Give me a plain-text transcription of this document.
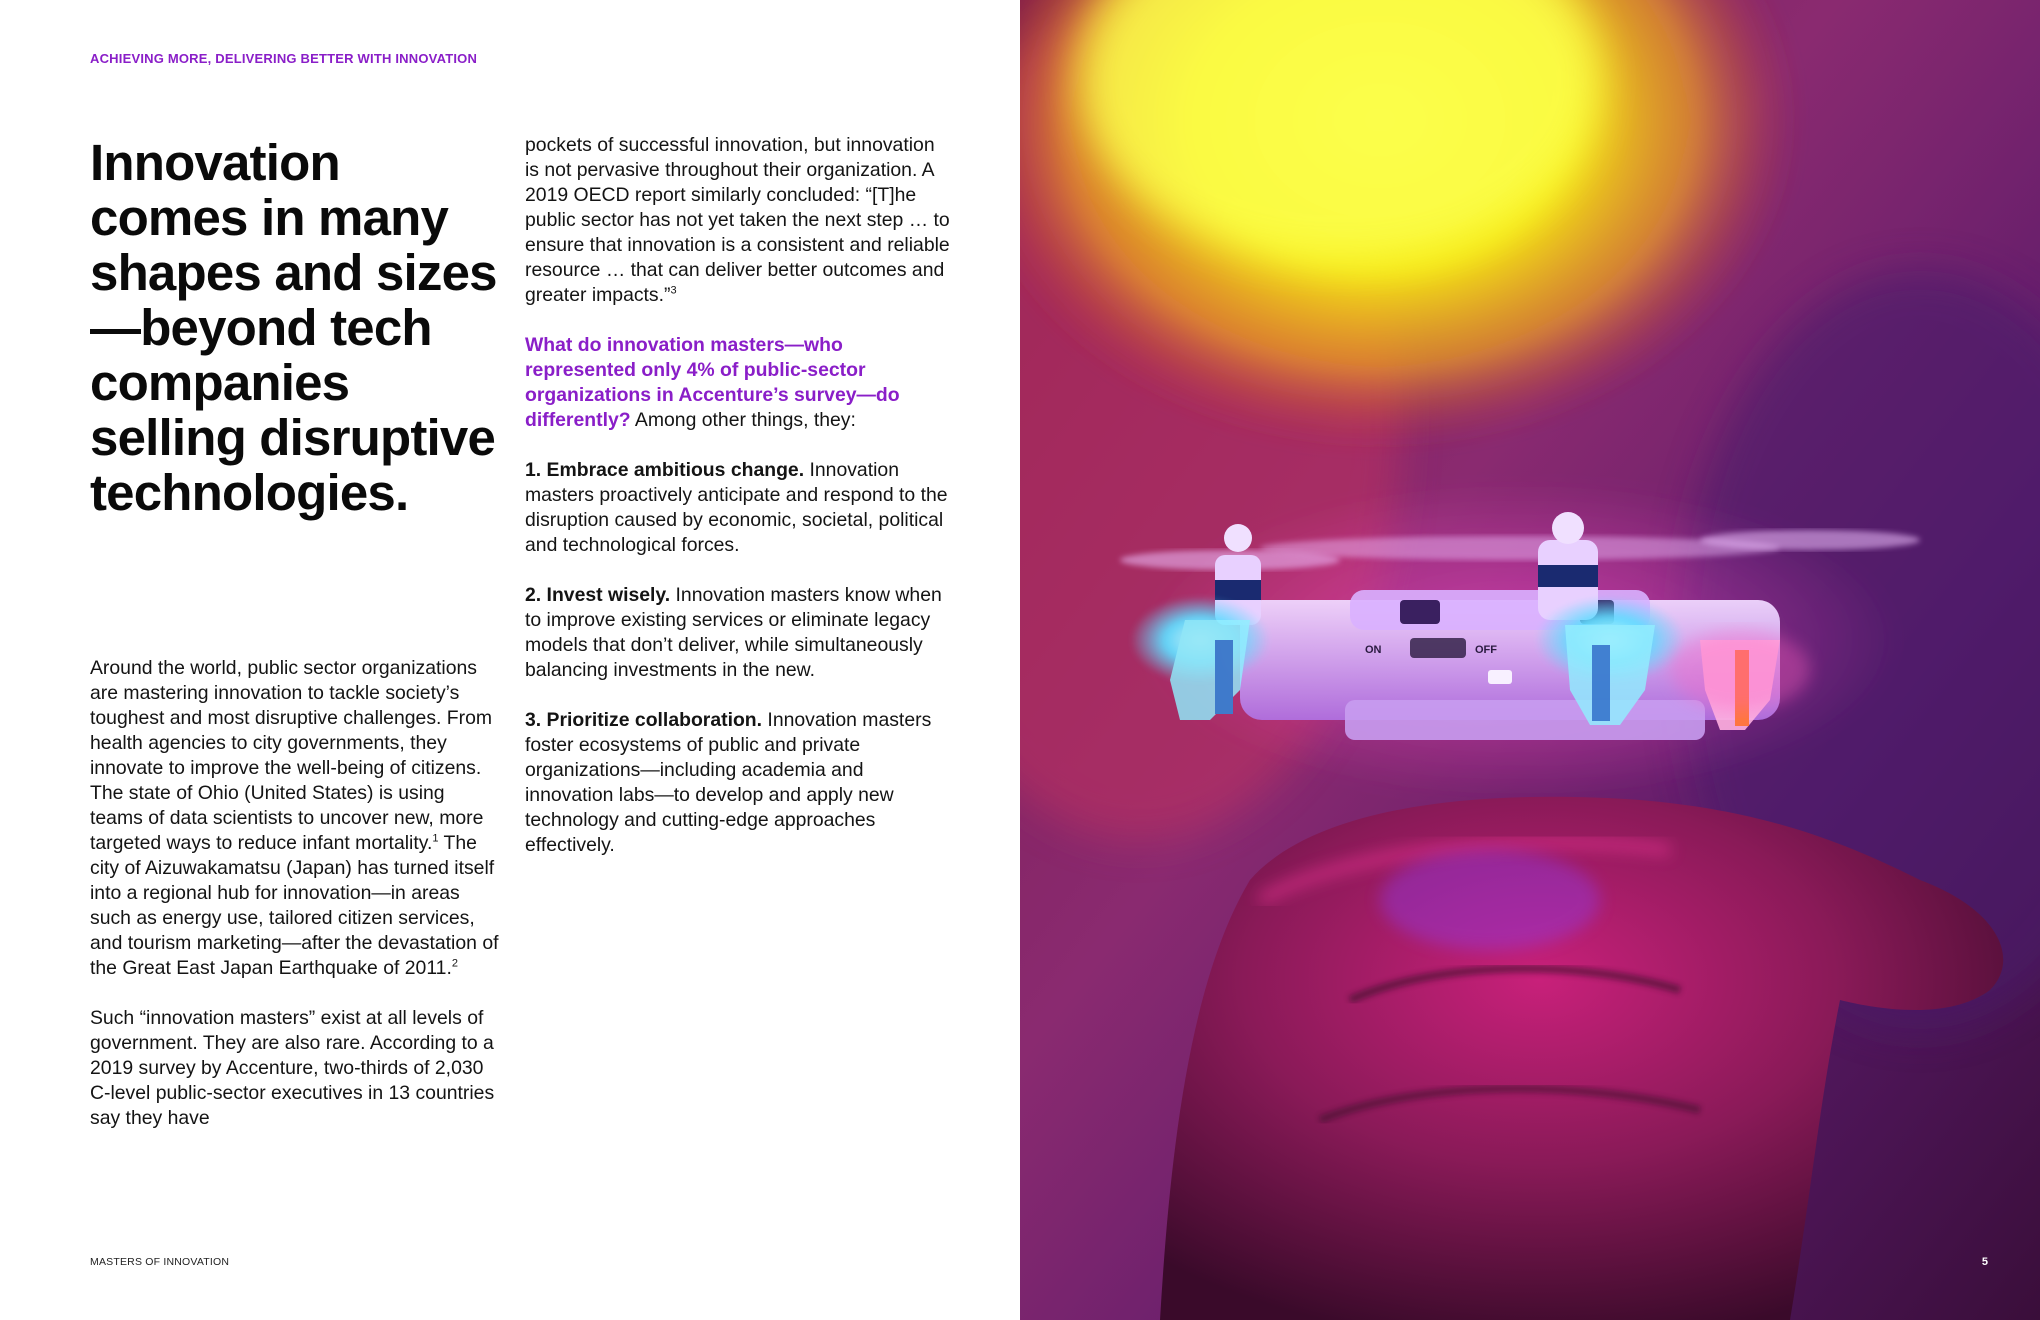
ACHIEVING MORE, DELIVERING BETTER WITH INNOVATION
Innovation comes in many shapes and sizes—beyond tech companies selling disruptive technologies.

Around the world, public sector organizations are mastering innovation to tackle society’s toughest and most disruptive challenges. From health agencies to city governments, they innovate to improve the well-being of citizens. The state of Ohio (United States) is using teams of data scientists to uncover new, more targeted ways to reduce infant mortality.$^1$ The city of Aizuwakamatsu (Japan) has turned itself into a regional hub for innovation—in areas such as energy use, tailored citizen services, and tourism marketing—after the devastation of the Great East Japan Earthquake of 2011.$^2$

Such “innovation masters” exist at all levels of government. They are also rare. According to a 2019 survey by Accenture, two-thirds of 2,030 C-level public-sector executives in 13 countries say they have

pockets of successful innovation, but innovation is not pervasive throughout their organization. A 2019 OECD report similarly concluded: “[T]he public sector has not yet taken the next step … to ensure that innovation is a consistent and reliable resource … that can deliver better outcomes and greater impacts.”$^3$

What do innovation masters—who represented only 4% of public-sector organizations in Accenture’s survey—do differently? Among other things, they:

1. Embrace ambitious change. Innovation masters proactively anticipate and respond to the disruption caused by economic, societal, political and technological forces.

2. Invest wisely. Innovation masters know when to improve existing services or eliminate legacy models that don’t deliver, while simultaneously balancing investments in the new.

3. Prioritize collaboration. Innovation masters foster ecosystems of public and private organizations—including academia and innovation labs—to develop and apply new technology and cutting-edge approaches effectively.

MASTERS OF INNOVATION
ON	OFF
5
